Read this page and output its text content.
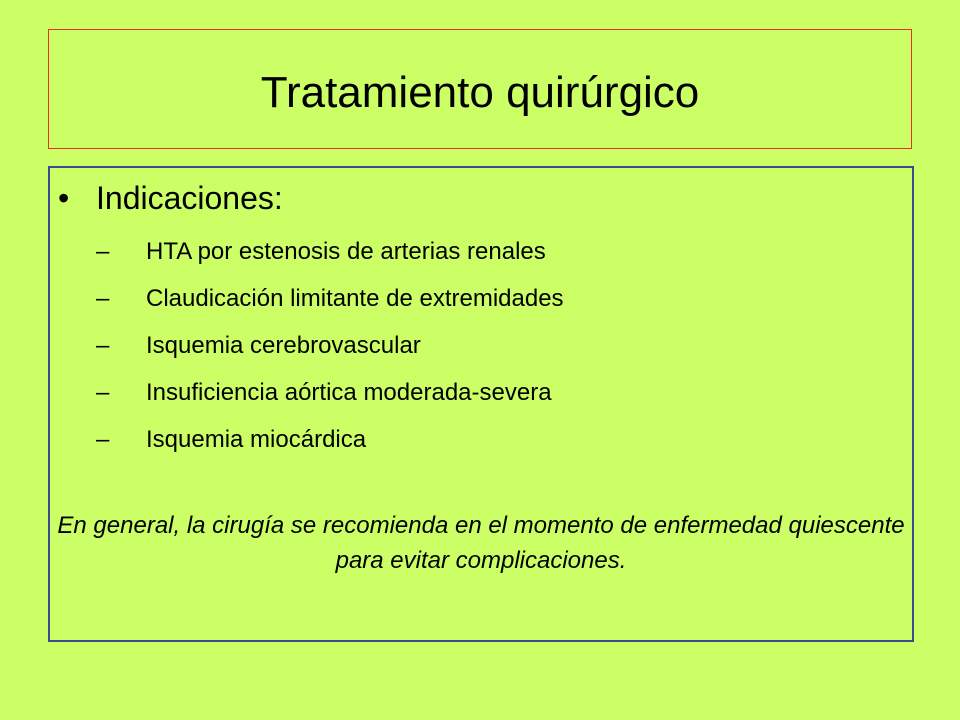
Tratamiento quirúrgico
• Indicaciones:
–	HTA por estenosis de arterias renales
–	Claudicación limitante de extremidades
–	Isquemia cerebrovascular
–	Insuficiencia aórtica moderada-severa
–	Isquemia miocárdica

En general, la cirugía se recomienda en el momento de enfermedad quiescente para evitar complicaciones.
